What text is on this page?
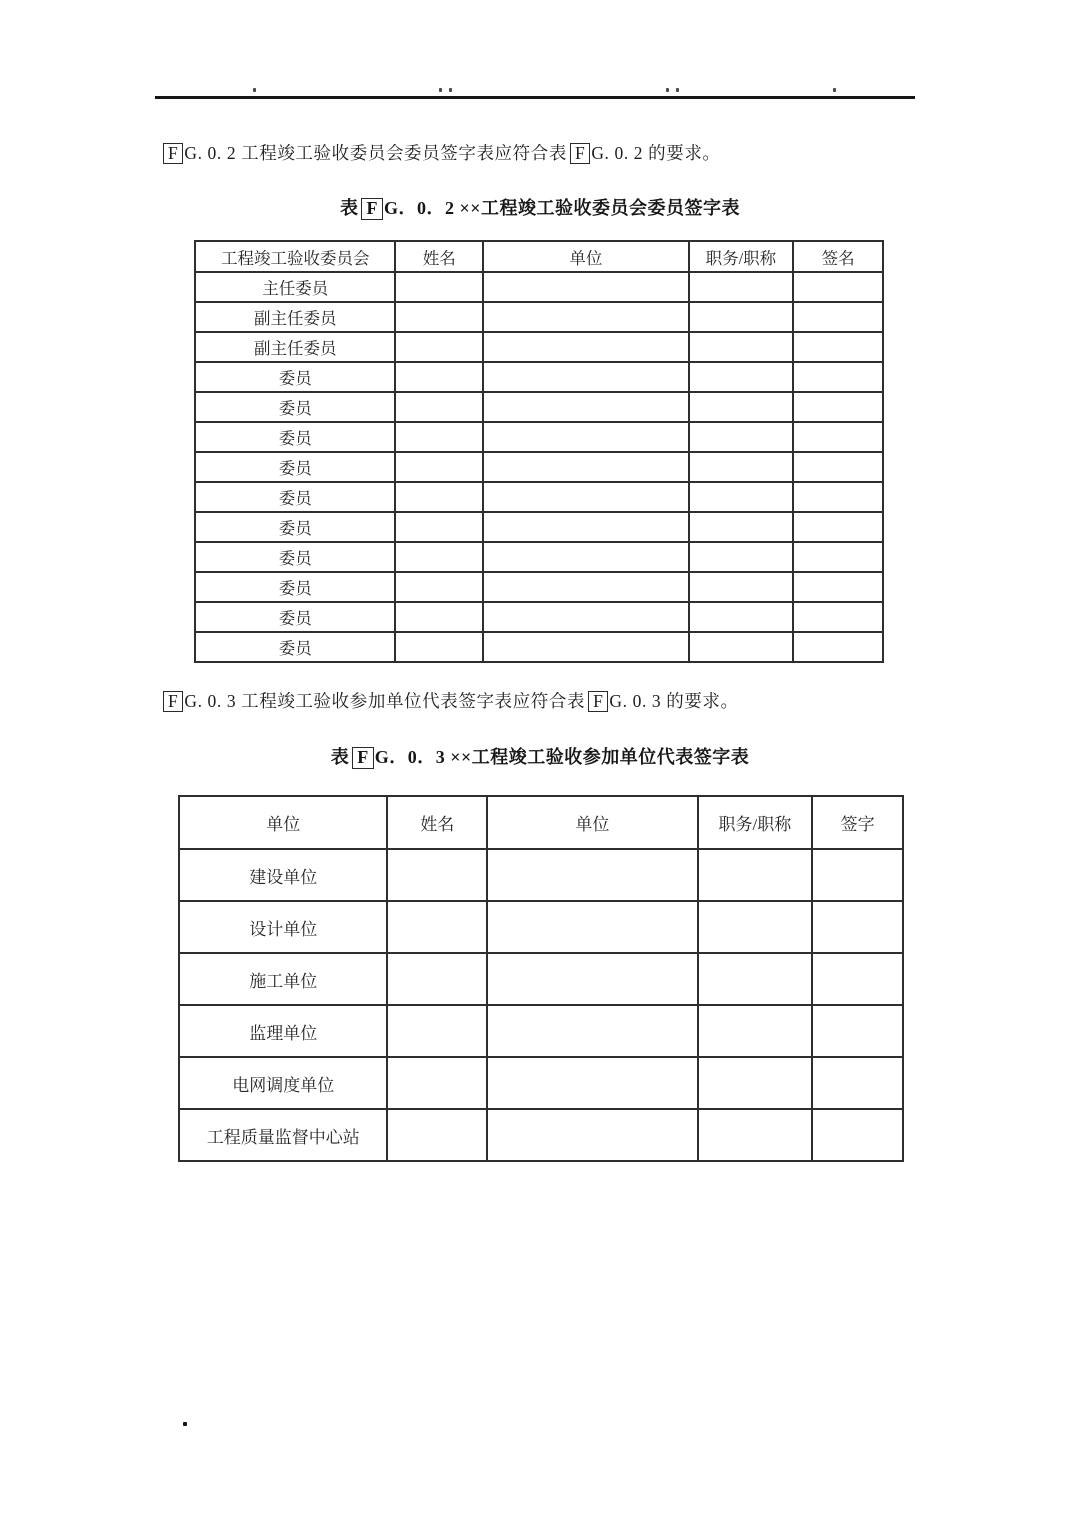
F G. 0. 2 工程竣工验收委员会委员签字表应符合表 F G. 0. 2 的要求。

表 F G．0．2 ××工程竣工验收委员会委员签字表

工程竣工验收委员会	姓名	单位	职务/职称	签名
主任委员				
副主任委员				
副主任委员				
委员				
委员				
委员				
委员				
委员				
委员				
委员				
委员				
委员				
委员				

F G. 0. 3 工程竣工验收参加单位代表签字表应符合表 F G. 0. 3 的要求。

表 F G．0．3 ××工程竣工验收参加单位代表签字表

单位	姓名	单位	职务/职称	签字
建设单位				
设计单位				
施工单位				
监理单位				
电网调度单位				
工程质量监督中心站				
